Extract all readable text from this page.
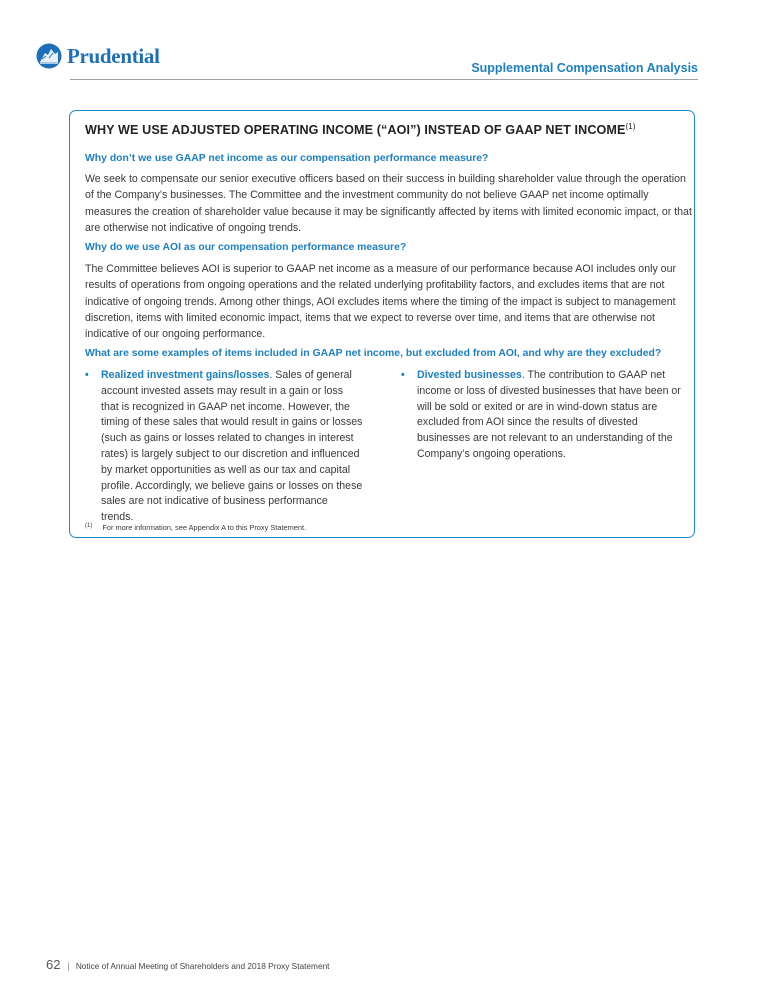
Prudential
Supplemental Compensation Analysis
WHY WE USE ADJUSTED OPERATING INCOME (“AOI”) INSTEAD OF GAAP NET INCOME$^{(1)}$
Why don’t we use GAAP net income as our compensation performance measure?
We seek to compensate our senior executive officers based on their success in building shareholder value through the operation of the Company’s businesses. The Committee and the investment community do not believe GAAP net income optimally measures the creation of shareholder value because it may be significantly affected by items with limited economic impact, or that are otherwise not indicative of ongoing trends.
Why do we use AOI as our compensation performance measure?
The Committee believes AOI is superior to GAAP net income as a measure of our performance because AOI includes only our results of operations from ongoing operations and the related underlying profitability factors, and excludes items that are not indicative of ongoing trends. Among other things, AOI excludes items where the timing of the impact is subject to management discretion, items with limited economic impact, items that we expect to reverse over time, and items that are otherwise not indicative of our ongoing performance.
What are some examples of items included in GAAP net income, but excluded from AOI, and why are they excluded?
• Realized investment gains/losses. Sales of general account invested assets may result in a gain or loss that is recognized in GAAP net income. However, the timing of these sales that would result in gains or losses (such as gains or losses related to changes in interest rates) is largely subject to our discretion and influenced by market opportunities as well as our tax and capital profile. Accordingly, we believe gains or losses on these sales are not indicative of business performance trends.
• Divested businesses. The contribution to GAAP net income or loss of divested businesses that have been or will be sold or exited or are in wind-down status are excluded from AOI since the results of divested businesses are not relevant to an understanding of the Company’s ongoing operations.
$^{(1)}$ For more information, see Appendix A to this Proxy Statement.
62 | Notice of Annual Meeting of Shareholders and 2018 Proxy Statement
